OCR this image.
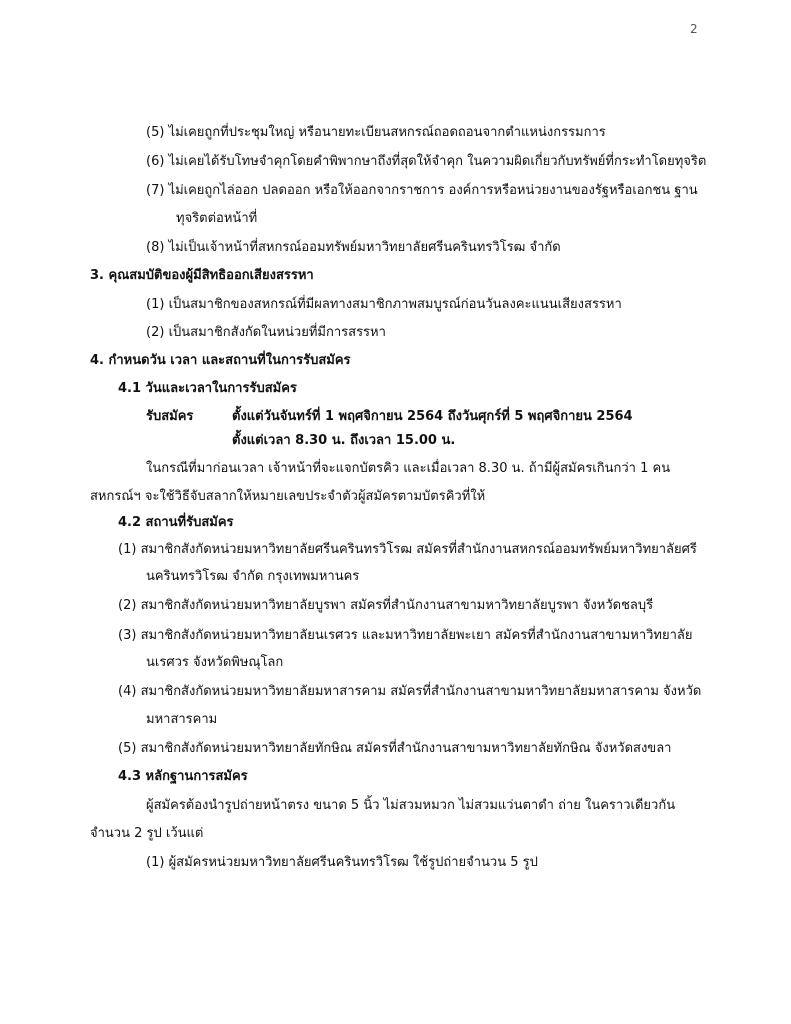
2
(5) ไม่เคยถูกที่ประชุมใหญ่ หรือนายทะเบียนสหกรณ์ถอดถอนจากตำแหน่งกรรมการ
(6) ไม่เคยได้รับโทษจำคุกโดยคำพิพากษาถึงที่สุดให้จำคุก ในความผิดเกี่ยวกับทรัพย์ที่กระทำโดยทุจริต
(7) ไม่เคยถูกไล่ออก ปลดออก หรือให้ออกจากราชการ องค์การหรือหน่วยงานของรัฐหรือเอกชน ฐาน
ทุจริตต่อหน้าที่
(8) ไม่เป็นเจ้าหน้าที่สหกรณ์ออมทรัพย์มหาวิทยาลัยศรีนครินทรวิโรฒ จำกัด
3. คุณสมบัติของผู้มีสิทธิออกเสียงสรรหา
(1) เป็นสมาชิกของสหกรณ์ที่มีผลทางสมาชิกภาพสมบูรณ์ก่อนวันลงคะแนนเสียงสรรหา
(2) เป็นสมาชิกสังกัดในหน่วยที่มีการสรรหา
4. กำหนดวัน เวลา และสถานที่ในการรับสมัคร
4.1 วันและเวลาในการรับสมัคร
รับสมัคร	ตั้งแต่วันจันทร์ที่ 1 พฤศจิกายน 2564 ถึงวันศุกร์ที่ 5 พฤศจิกายน 2564
ตั้งแต่เวลา 8.30 น. ถึงเวลา 15.00 น.
ในกรณีที่มาก่อนเวลา เจ้าหน้าที่จะแจกบัตรคิว และเมื่อเวลา 8.30 น. ถ้ามีผู้สมัครเกินกว่า 1 คน
สหกรณ์ฯ จะใช้วิธีจับสลากให้หมายเลขประจำตัวผู้สมัครตามบัตรคิวที่ให้
4.2 สถานที่รับสมัคร
(1) สมาชิกสังกัดหน่วยมหาวิทยาลัยศรีนครินทรวิโรฒ สมัครที่สำนักงานสหกรณ์ออมทรัพย์มหาวิทยาลัยศรี
นครินทรวิโรฒ จำกัด กรุงเทพมหานคร
(2) สมาชิกสังกัดหน่วยมหาวิทยาลัยบูรพา สมัครที่สำนักงานสาขามหาวิทยาลัยบูรพา จังหวัดชลบุรี
(3) สมาชิกสังกัดหน่วยมหาวิทยาลัยนเรศวร และมหาวิทยาลัยพะเยา สมัครที่สำนักงานสาขามหาวิทยาลัย
นเรศวร จังหวัดพิษณุโลก
(4) สมาชิกสังกัดหน่วยมหาวิทยาลัยมหาสารคาม สมัครที่สำนักงานสาขามหาวิทยาลัยมหาสารคาม จังหวัด
มหาสารคาม
(5) สมาชิกสังกัดหน่วยมหาวิทยาลัยทักษิณ สมัครที่สำนักงานสาขามหาวิทยาลัยทักษิณ จังหวัดสงขลา
4.3 หลักฐานการสมัคร
ผู้สมัครต้องนำรูปถ่ายหน้าตรง ขนาด 5 นิ้ว ไม่สวมหมวก ไม่สวมแว่นตาดำ ถ่าย ในคราวเดียวกัน
จำนวน 2 รูป เว้นแต่
(1) ผู้สมัครหน่วยมหาวิทยาลัยศรีนครินทรวิโรฒ ใช้รูปถ่ายจำนวน 5 รูป
